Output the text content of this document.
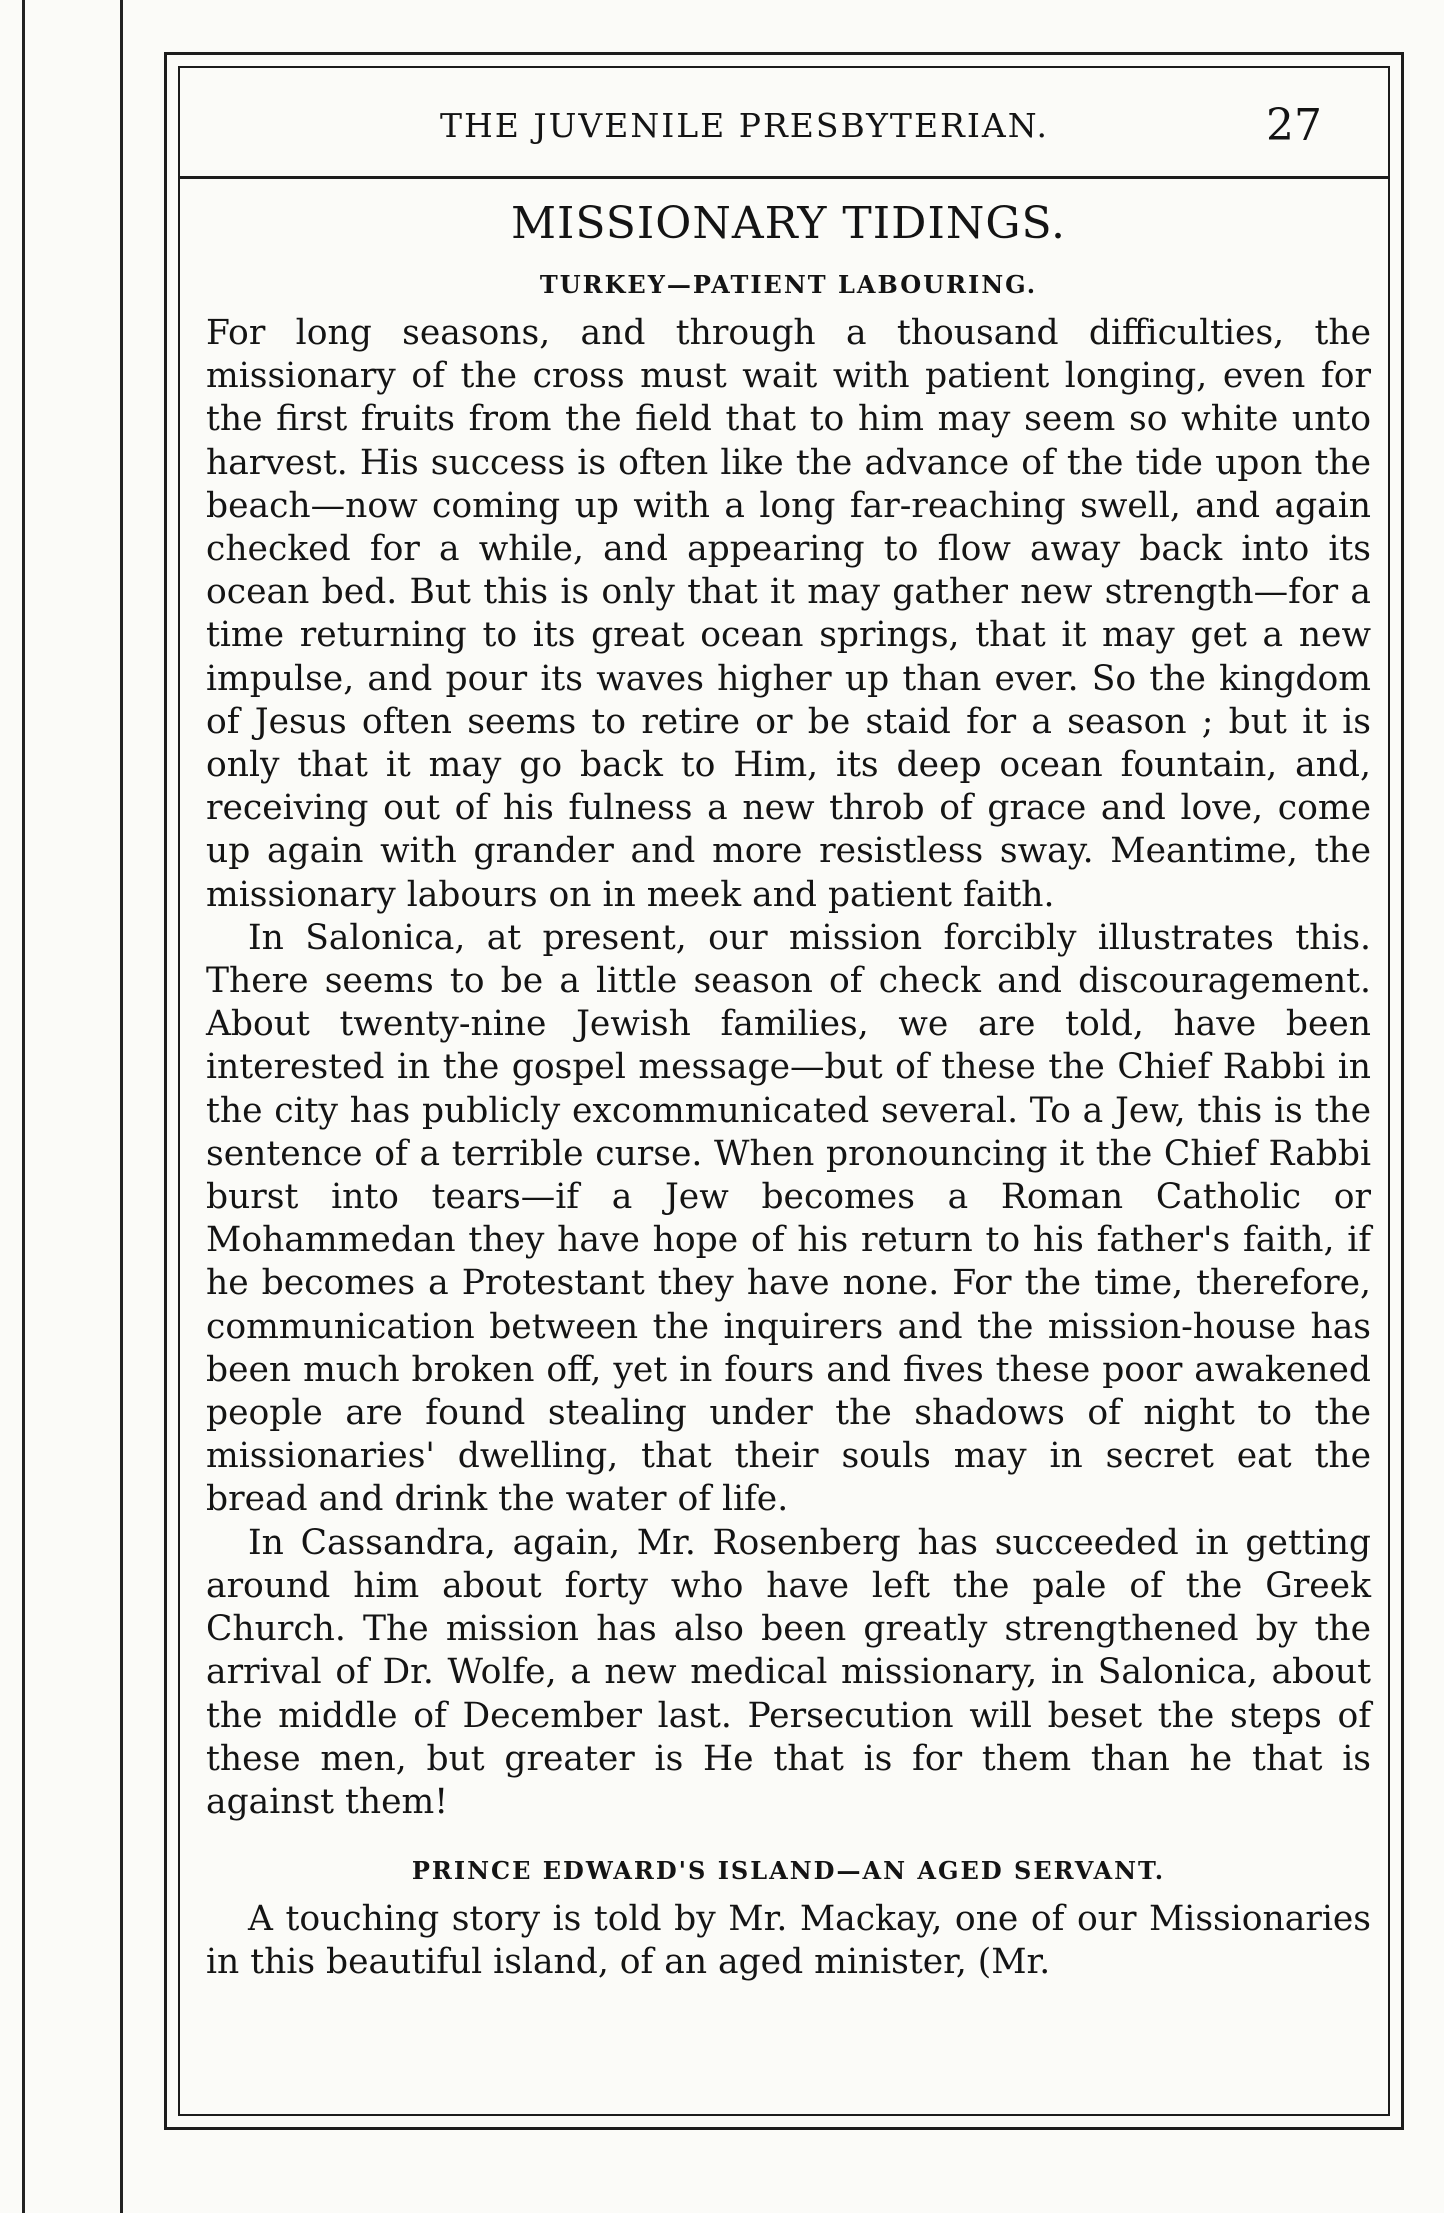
THE JUVENILE PRESBYTERIAN.	27
MISSIONARY TIDINGS.
TURKEY—PATIENT LABOURING.

For long seasons, and through a thousand difficulties, the missionary of the cross must wait with patient longing, even for the first fruits from the field that to him may seem so white unto harvest. His success is often like the advance of the tide upon the beach—now coming up with a long far-reaching swell, and again checked for a while, and appearing to flow away back into its ocean bed. But this is only that it may gather new strength—for a time returning to its great ocean springs, that it may get a new impulse, and pour its waves higher up than ever. So the kingdom of Jesus often seems to retire or be staid for a season ; but it is only that it may go back to Him, its deep ocean fountain, and, receiving out of his fulness a new throb of grace and love, come up again with grander and more resistless sway. Meantime, the missionary labours on in meek and patient faith.

In Salonica, at present, our mission forcibly illustrates this. There seems to be a little season of check and discouragement. About twenty-nine Jewish families, we are told, have been interested in the gospel message—but of these the Chief Rabbi in the city has publicly excommunicated several. To a Jew, this is the sentence of a terrible curse. When pronouncing it the Chief Rabbi burst into tears—if a Jew becomes a Roman Catholic or Mohammedan they have hope of his return to his father's faith, if he becomes a Protestant they have none. For the time, therefore, communication between the inquirers and the mission-house has been much broken off, yet in fours and fives these poor awakened people are found stealing under the shadows of night to the missionaries' dwelling, that their souls may in secret eat the bread and drink the water of life.

In Cassandra, again, Mr. Rosenberg has succeeded in getting around him about forty who have left the pale of the Greek Church. The mission has also been greatly strengthened by the arrival of Dr. Wolfe, a new medical missionary, in Salonica, about the middle of December last. Persecution will beset the steps of these men, but greater is He that is for them than he that is against them!

PRINCE EDWARD'S ISLAND—AN AGED SERVANT.

A touching story is told by Mr. Mackay, one of our Missionaries in this beautiful island, of an aged minister, (Mr.
